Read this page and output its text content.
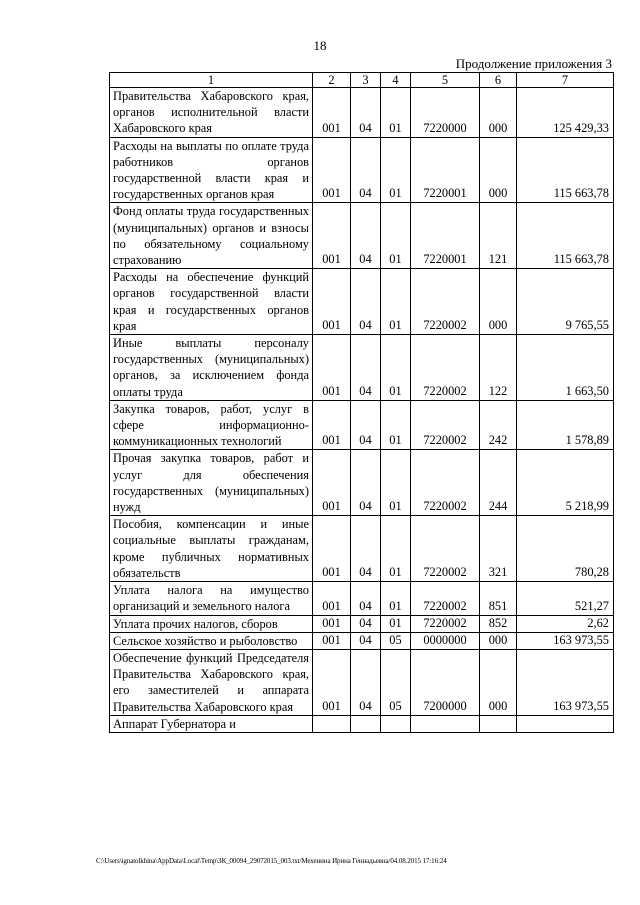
18
Продолжение приложения 3
1	2	3	4	5	6	7
Правительства Хабаровского края, органов исполнительной власти Хабаровского края	001	04	01	7220000	000	125 429,33
Расходы на выплаты по оплате труда работников органов государственной власти края и государственных органов края	001	04	01	7220001	000	115 663,78
Фонд оплаты труда государственных (муниципальных) органов и взносы по обязательному социальному страхованию	001	04	01	7220001	121	115 663,78
Расходы на обеспечение функций органов государственной власти края и государственных органов края	001	04	01	7220002	000	9 765,55
Иные выплаты персоналу государственных (муниципальных) органов, за исключением фонда оплаты труда	001	04	01	7220002	122	1 663,50
Закупка товаров, работ, услуг в сфере информационно-коммуникационных технологий	001	04	01	7220002	242	1 578,89
Прочая закупка товаров, работ и услуг для обеспечения государственных (муниципальных) нужд	001	04	01	7220002	244	5 218,99
Пособия, компенсации и иные социальные выплаты гражданам, кроме публичных нормативных обязательств	001	04	01	7220002	321	780,28
Уплата налога на имущество организаций и земельного налога	001	04	01	7220002	851	521,27
Уплата прочих налогов, сборов	001	04	01	7220002	852	2,62
Сельское хозяйство и рыболовство	001	04	05	0000000	000	163 973,55
Обеспечение функций Председателя Правительства Хабаровского края, его заместителей и аппарата Правительства Хабаровского края	001	04	05	7200000	000	163 973,55
Аппарат Губернатора и						
C:\Users\ignatolkhina\AppData\Local\Temp\ЗК_00094_29072015_003.txt/Мехенина Ирина Геннадьевна/04.08.2015 17:16:24
